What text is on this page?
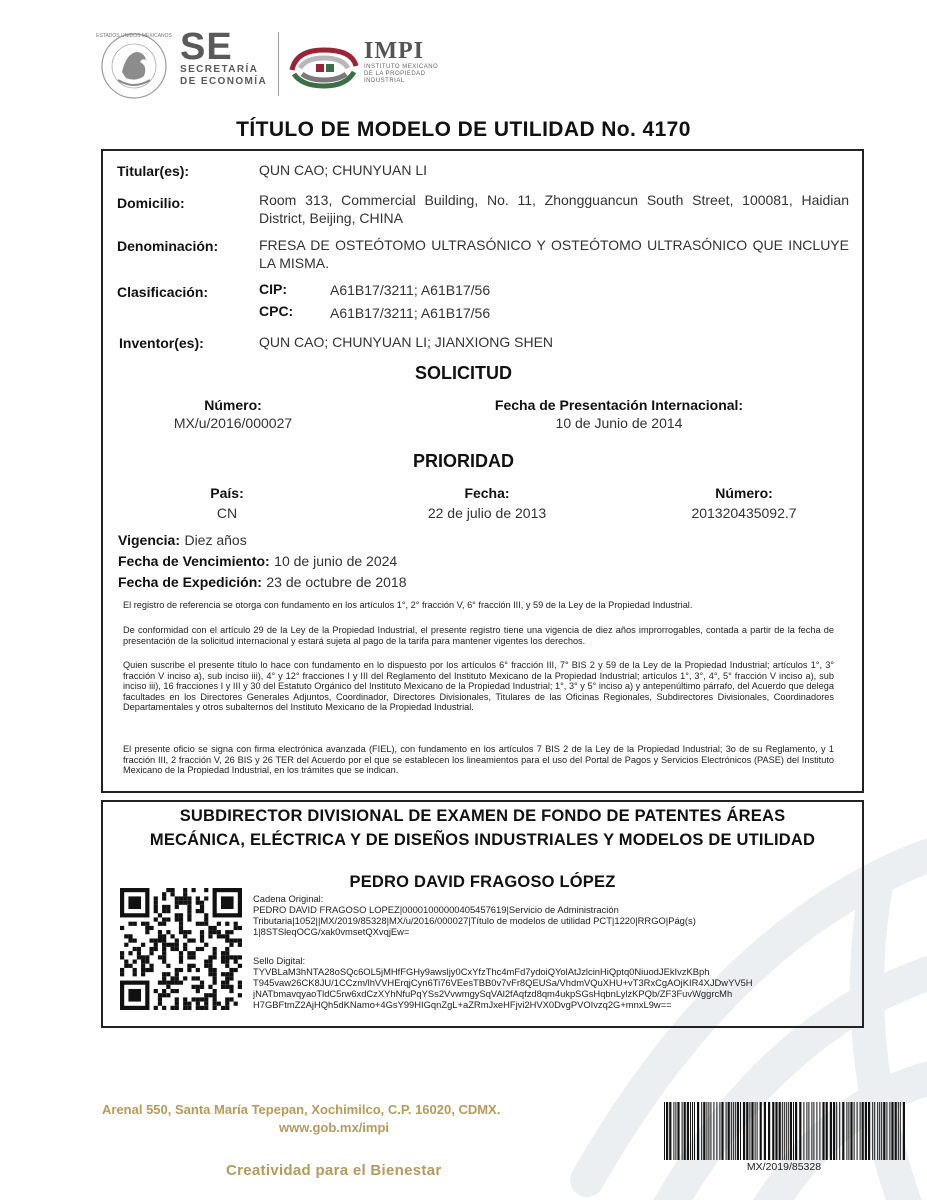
ESTADOS UNIDOS MEXICANOS SE
SECRETARÍA
DE ECONOMÍA
IMPI
INSTITUTO MEXICANO DE LA PROPIEDAD INDUSTRIAL
TÍTULO DE MODELO DE UTILIDAD No. 4170
Titular(es):	QUN CAO; CHUNYUAN LI
Domicilio:	Room 313, Commercial Building, No. 11, Zhongguancun South Street, 100081, Haidian District, Beijing, CHINA
Denominación:	FRESA DE OSTEÓTOMO ULTRASÓNICO Y OSTEÓTOMO ULTRASÓNICO QUE INCLUYE LA MISMA.
Clasificación:	CIP:	A61B17/3211; A61B17/56
CPC:	A61B17/3211; A61B17/56
Inventor(es):	QUN CAO; CHUNYUAN LI; JIANXIONG SHEN
SOLICITUD
Número:
MX/u/2016/000027
Fecha de Presentación Internacional:
10 de Junio de 2014
PRIORIDAD
País:
CN
Fecha:
22 de julio de 2013
Número:
201320435092.7
Vigencia: Diez años
Fecha de Vencimiento: 10 de junio de 2024
Fecha de Expedición: 23 de octubre de 2018
El registro de referencia se otorga con fundamento en los artículos 1°, 2° fracción V, 6° fracción III, y 59 de la Ley de la Propiedad Industrial.
De conformidad con el artículo 29 de la Ley de la Propiedad Industrial, el presente registro tiene una vigencia de diez años improrrogables, contada a partir de la fecha de presentación de la solicitud internacional y estará sujeta al pago de la tarifa para mantener vigentes los derechos.
Quien suscribe el presente título lo hace con fundamento en lo dispuesto por los artículos 6° fracción III, 7° BIS 2 y 59 de la Ley de la Propiedad Industrial; artículos 1°, 3° fracción V inciso a), sub inciso iii), 4° y 12° fracciones I y III del Reglamento del Instituto Mexicano de la Propiedad Industrial; artículos 1°, 3°, 4°, 5° fracción V inciso a), sub inciso iii), 16 fracciones I y III y 30 del Estatuto Orgánico del Instituto Mexicano de la Propiedad Industrial; 1°, 3° y 5° inciso a) y antepenúltimo párrafo, del Acuerdo que delega facultades en los Directores Generales Adjuntos, Coordinador, Directores Divisionales, Titulares de las Oficinas Regionales, Subdirectores Divisionales, Coordinadores Departamentales y otros subalternos del Instituto Mexicano de la Propiedad Industrial.
El presente oficio se signa con firma electrónica avanzada (FIEL), con fundamento en los artículos 7 BIS 2 de la Ley de la Propiedad Industrial; 3o de su Reglamento, y 1 fracción III, 2 fracción V, 26 BIS y 26 TER del Acuerdo por el que se establecen los lineamientos para el uso del Portal de Pagos y Servicios Electrónicos (PASE) del Instituto Mexicano de la Propiedad Industrial, en los trámites que se indican.
SUBDIRECTOR DIVISIONAL DE EXAMEN DE FONDO DE PATENTES ÁREAS
MECÁNICA, ELÉCTRICA Y DE DISEÑOS INDUSTRIALES Y MODELOS DE UTILIDAD
PEDRO DAVID FRAGOSO LÓPEZ
Cadena Original:
PEDRO DAVID FRAGOSO LOPEZ|00001000000405457619|Servicio de Administración
Tributaria|1052||MX/2019/85328|MX/u/2016/000027|Título de modelos de utilidad PCT|1220|RRGO|Pág(s)
1|8STSleqOCG/xak0vmsetQXvqjEw=
Sello Digital:
TYVBLaM3hNTA28oSQc6OL5jMHfFGHy9awsljy0CxYfzThc4mFd7ydoiQYolAtJzlcinHiQptq0NiuodJEkIvzKBph
T945vaw26CK8JU/1CCzm/lhVVHErqjCyn6Ti76VEesTBB0v7vFr8QEUSa/VhdmVQuXHU+vT3RxCgAOjKIR4XJDwYV5H
jNATbmavqyaoTldC5rw6xdCzXYhNfuPqYSs2VvwmgySqVAl2fAqfzd8qm4ukpSGsHqbnLylzKPQb/ZF3FuvWggrcMh
H7GBFtmZ2AjHQh5dKNamo+4GsY99HIGqnZgL+aZRmJxeHFjvi2HVX0DvgPVOIvzq2G+mnxL9w==
Arenal 550, Santa María Tepepan, Xochimilco, C.P. 16020, CDMX.
www.gob.mx/impi
Creatividad para el Bienestar	MX/2019/85328
